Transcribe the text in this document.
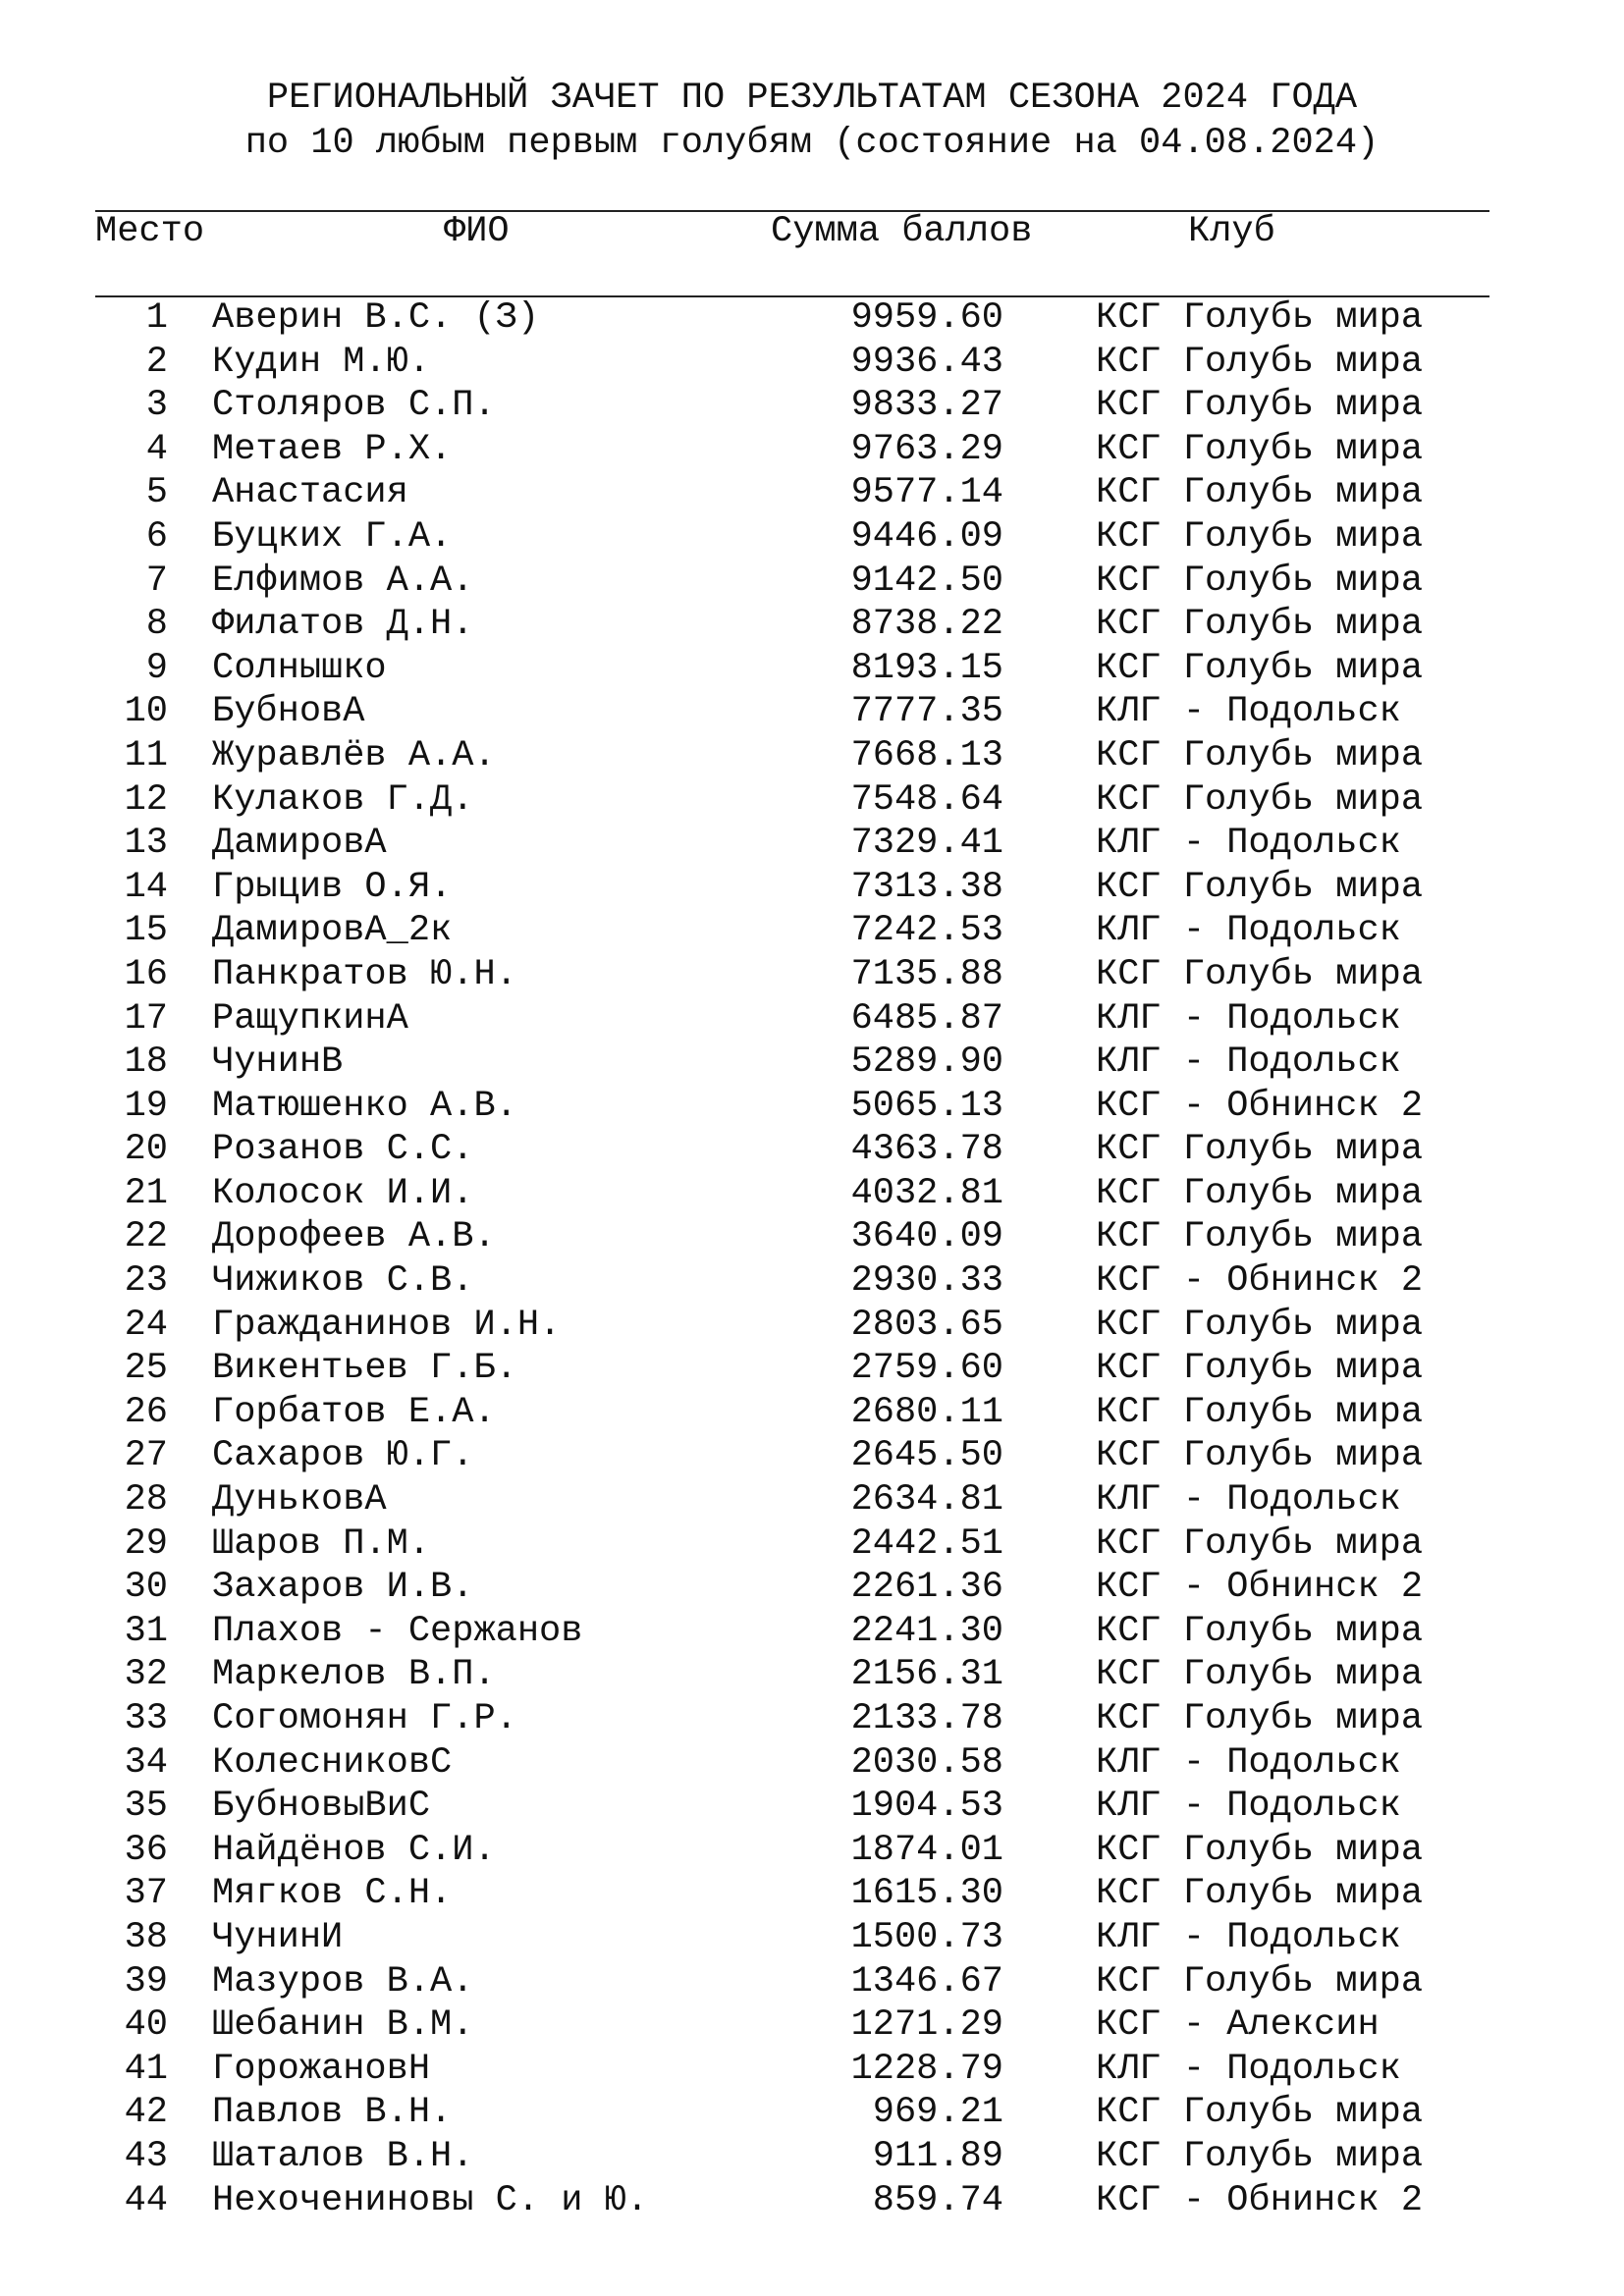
РЕГИОНАЛЬНЫЙ ЗАЧЕТ ПО РЕЗУЛЬТАТАМ СЕЗОНА 2024 ГОДА
по 10 любым первым голубям (состояние на 04.08.2024)
Место	ФИО	Сумма баллов	Клуб
1 Аверин В.С. (З)	9959.60	КСГ Голубь мира
2 Кудин М.Ю.	9936.43	КСГ Голубь мира
3 Столяров С.П.	9833.27	КСГ Голубь мира
4 Метаев Р.Х.	9763.29	КСГ Голубь мира
5 Анастасия	9577.14	КСГ Голубь мира
6 Буцких Г.А.	9446.09	КСГ Голубь мира
7 Елфимов А.А.	9142.50	КСГ Голубь мира
8 Филатов Д.Н.	8738.22	КСГ Голубь мира
9 Солнышко	8193.15	КСГ Голубь мира
10 БубновА	7777.35	КЛГ - Подольск
11 Журавлёв А.А.	7668.13	КСГ Голубь мира
12 Кулаков Г.Д.	7548.64	КСГ Голубь мира
13 ДамировА	7329.41	КЛГ - Подольск
14 Грыцив О.Я.	7313.38	КСГ Голубь мира
15 ДамировА_2к	7242.53	КЛГ - Подольск
16 Панкратов Ю.Н.	7135.88	КСГ Голубь мира
17 РащупкинА	6485.87	КЛГ - Подольск
18 ЧунинВ	5289.90	КЛГ - Подольск
19 Матюшенко А.В.	5065.13	КСГ - Обнинск 2
20 Розанов С.С.	4363.78	КСГ Голубь мира
21 Колосок И.И.	4032.81	КСГ Голубь мира
22 Дорофеев А.В.	3640.09	КСГ Голубь мира
23 Чижиков С.В.	2930.33	КСГ - Обнинск 2
24 Гражданинов И.Н.	2803.65	КСГ Голубь мира
25 Викентьев Г.Б.	2759.60	КСГ Голубь мира
26 Горбатов Е.А.	2680.11	КСГ Голубь мира
27 Сахаров Ю.Г.	2645.50	КСГ Голубь мира
28 ДуньковА	2634.81	КЛГ - Подольск
29 Шаров П.М.	2442.51	КСГ Голубь мира
30 Захаров И.В.	2261.36	КСГ - Обнинск 2
31 Плахов - Сержанов	2241.30	КСГ Голубь мира
32 Маркелов В.П.	2156.31	КСГ Голубь мира
33 Согомонян Г.Р.	2133.78	КСГ Голубь мира
34 КолесниковС	2030.58	КЛГ - Подольск
35 БубновыВиС	1904.53	КЛГ - Подольск
36 Найдёнов С.И.	1874.01	КСГ Голубь мира
37 Мягков С.Н.	1615.30	КСГ Голубь мира
38 ЧунинИ	1500.73	КЛГ - Подольск
39 Мазуров В.А.	1346.67	КСГ Голубь мира
40 Шебанин В.М.	1271.29	КСГ - Алексин
41 ГорожановН	1228.79	КЛГ - Подольск
42 Павлов В.Н.	969.21	КСГ Голубь мира
43 Шаталов В.Н.	911.89	КСГ Голубь мира
44 Нехочениновы С. и Ю.	859.74	КСГ - Обнинск 2
